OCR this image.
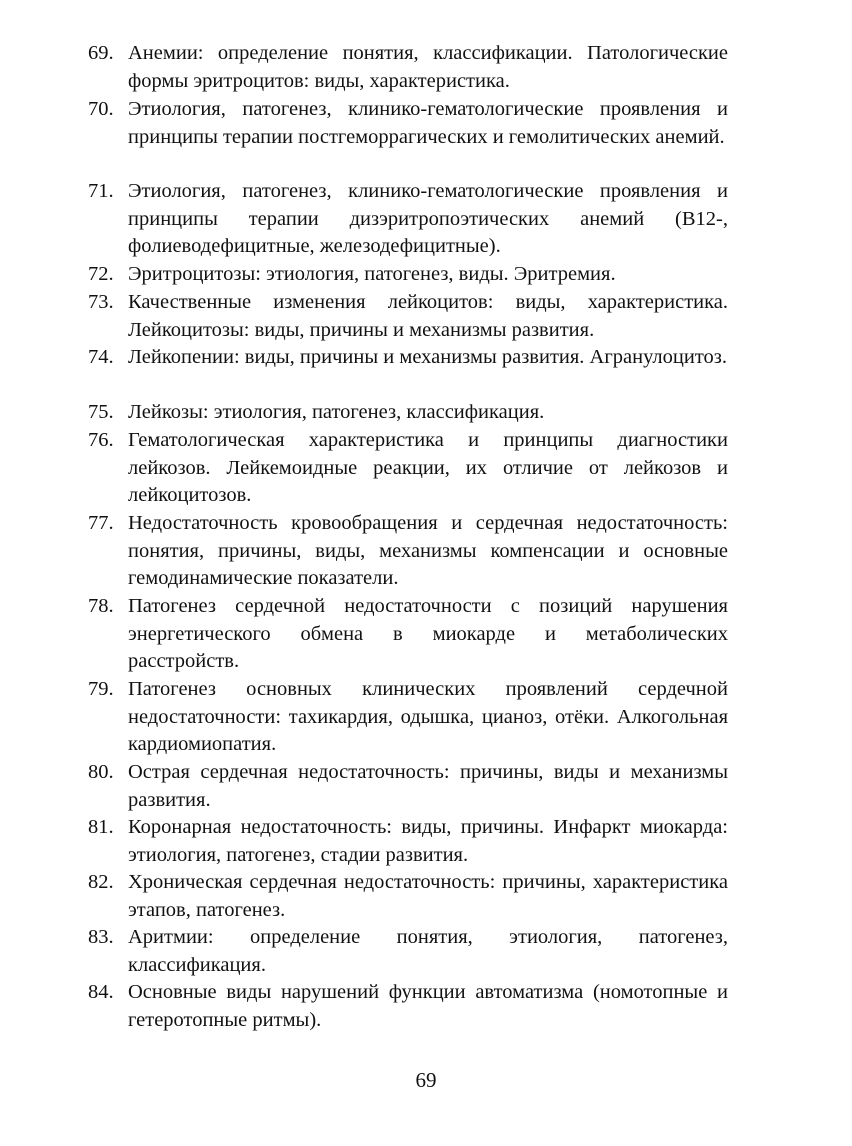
69. Анемии: определение понятия, классификации. Патологические формы эритроцитов: виды, характеристика.
70. Этиология, патогенез, клинико-гематологические проявления и принципы терапии постгеморрагических и гемолитических анемий.
71. Этиология, патогенез, клинико-гематологические проявления и принципы терапии дизэритропоэтических анемий (В12-, фолиеводефицитные, железодефицитные).
72. Эритроцитозы: этиология, патогенез, виды. Эритремия.
73. Качественные изменения лейкоцитов: виды, характеристика. Лейкоцитозы: виды, причины и механизмы развития.
74. Лейкопении: виды, причины и механизмы развития. Агранулоцитоз.
75. Лейкозы: этиология, патогенез, классификация.
76. Гематологическая характеристика и принципы диагностики лейкозов. Лейкемоидные реакции, их отличие от лейкозов и лейкоцитозов.
77. Недостаточность кровообращения и сердечная недостаточность: понятия, причины, виды, механизмы компенсации и основные гемодинамические показатели.
78. Патогенез сердечной недостаточности с позиций нарушения энергетического обмена в миокарде и метаболических расстройств.
79. Патогенез основных клинических проявлений сердечной недостаточности: тахикардия, одышка, цианоз, отёки. Алкогольная кардиомиопатия.
80. Острая сердечная недостаточность: причины, виды и механизмы развития.
81. Коронарная недостаточность: виды, причины. Инфаркт миокарда: этиология, патогенез, стадии развития.
82. Хроническая сердечная недостаточность: причины, характеристика этапов, патогенез.
83. Аритмии: определение понятия, этиология, патогенез, классификация.
84. Основные виды нарушений функции автоматизма (номотопные и гетеротопные ритмы).
69
